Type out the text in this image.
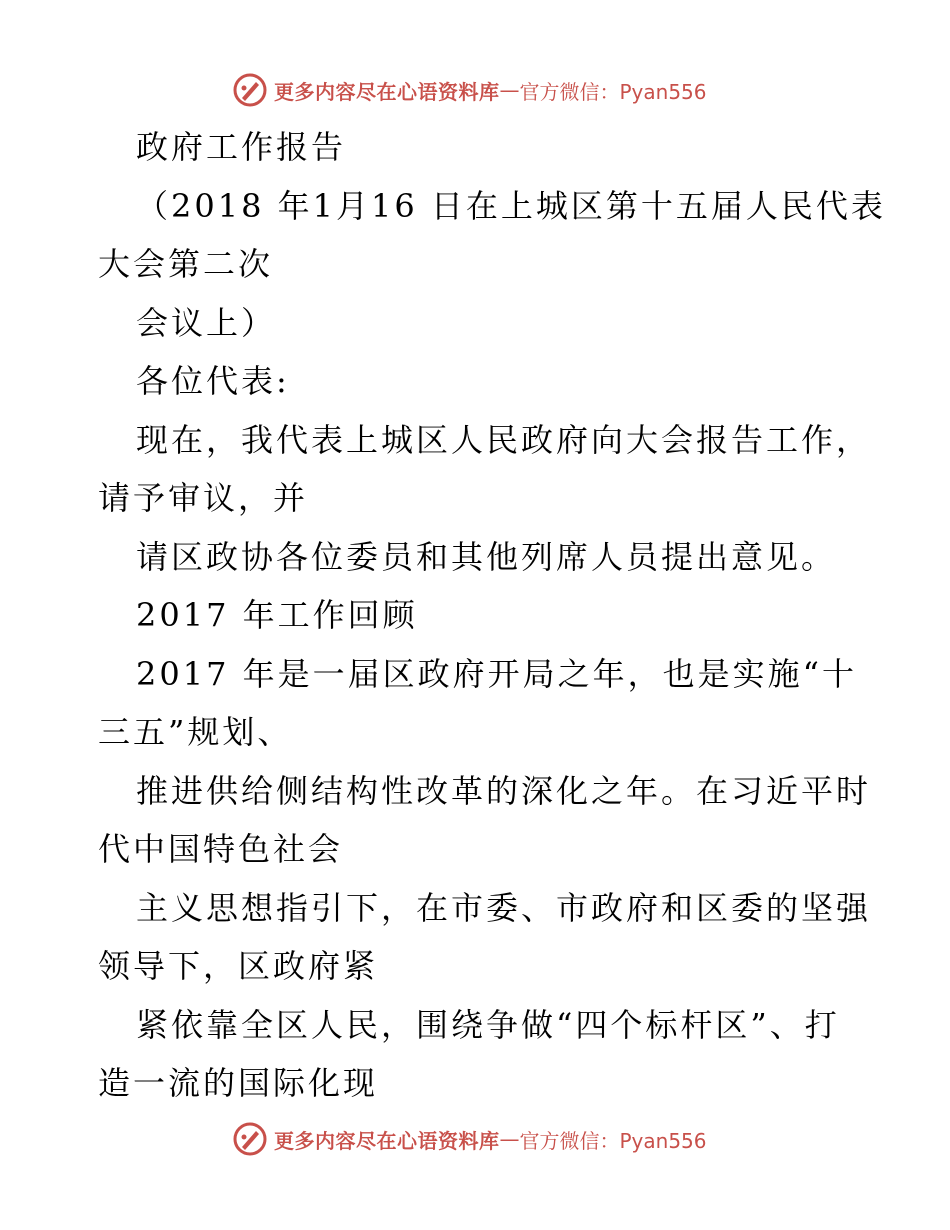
更多内容尽在心语资料库 — 官方微信：Pyan556
政府工作报告
（2018 年1月16 日在上城区第十五届人民代表
大会第二次
会议上）
各位代表:
现在，我代表上城区人民政府向大会报告工作，
请予审议，并
请区政协各位委员和其他列席人员提出意见。
2017 年工作回顾
2017 年是一届区政府开局之年，也是实施“十
三五”规划、
推进供给侧结构性改革的深化之年。在习近平时
代中国特色社会
主义思想指引下，在市委、市政府和区委的坚强
领导下，区政府紧
紧依靠全区人民，围绕争做“四个标杆区”、打
造一流的国际化现
更多内容尽在心语资料库 — 官方微信：Pyan556
